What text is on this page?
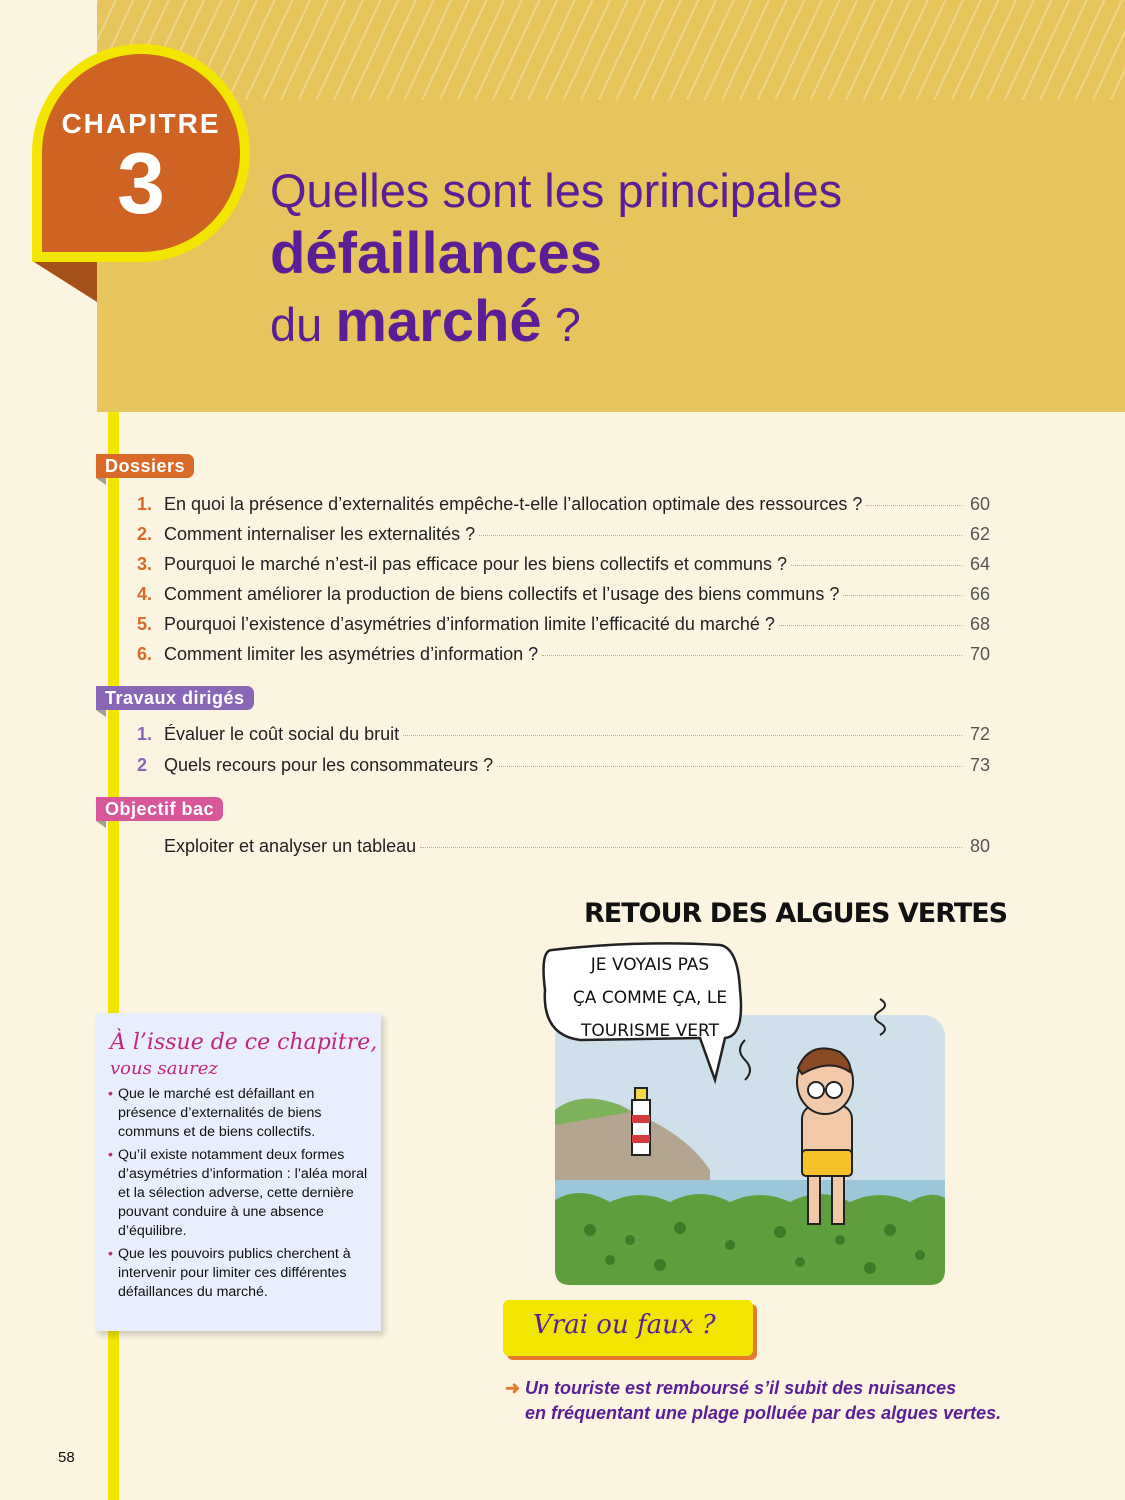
CHAPITRE
3	Quelles sont les principales
défaillances
du marché ?
Dossiers
Travaux dirigés
Objectif bac
1. En quoi la présence d’externalités empêche-t-elle l’allocation optimale des ressources ?	60
2. Comment internaliser les externalités ?	62
3. Pourquoi le marché n’est-il pas efficace pour les biens collectifs et communs ?	64
4. Comment améliorer la production de biens collectifs et l’usage des biens communs ?	66
5. Pourquoi l’existence d’asymétries d’information limite l’efficacité du marché ?	68
6. Comment limiter les asymétries d’information ?	70
1. Évaluer le coût social du bruit	72
2 Quels recours pour les consommateurs ?	73
Exploiter et analyser un tableau	80
À l’issue de ce chapitre,
vous saurez
• Que le marché est défaillant en présence d’externalités de biens communs et de biens collectifs.
• Qu’il existe notamment deux formes d’asymétries d’information : l’aléa moral et la sélection adverse, cette dernière pouvant conduire à une absence d’équilibre.
• Que les pouvoirs publics cherchent à intervenir pour limiter ces différentes défaillances du marché.
RETOUR DES ALGUES VERTES
JE VOYAIS PAS
ÇA COMME ÇA, LE
TOURISME VERT
Vrai ou faux ?
➜ Un touriste est remboursé s’il subit des nuisances
en fréquentant une plage polluée par des algues vertes.
58
